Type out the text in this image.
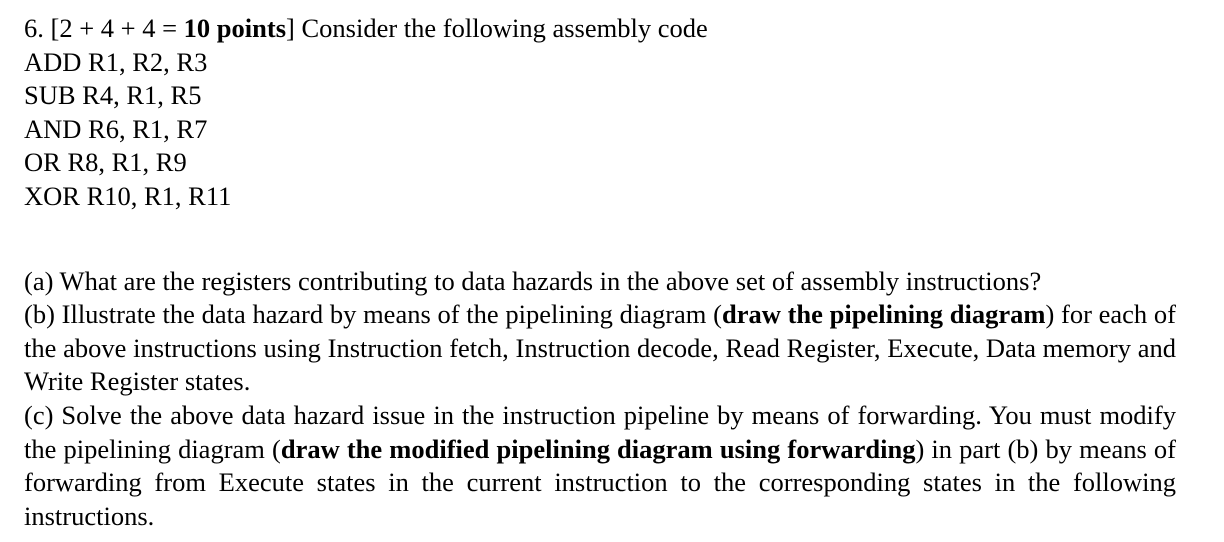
6. [2 + 4 + 4 = 10 points] Consider the following assembly code
ADD R1, R2, R3
SUB R4, R1, R5
AND R6, R1, R7
OR R8, R1, R9
XOR R10, R1, R11
(a) What are the registers contributing to data hazards in the above set of assembly instructions?
(b) Illustrate the data hazard by means of the pipelining diagram (draw the pipelining diagram) for each of the above instructions using Instruction fetch, Instruction decode, Read Register, Execute, Data memory and Write Register states.
(c) Solve the above data hazard issue in the instruction pipeline by means of forwarding. You must modify the pipelining diagram (draw the modified pipelining diagram using forwarding) in part (b) by means of forwarding from Execute states in the current instruction to the corresponding states in the following instructions.
